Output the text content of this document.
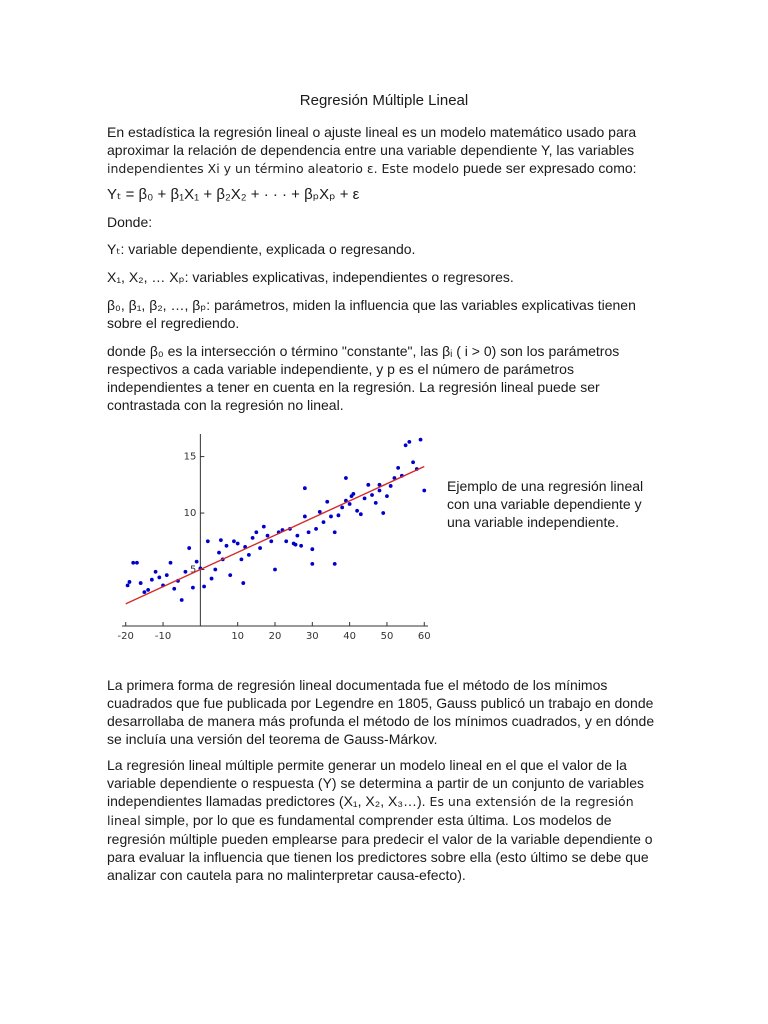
Regresión Múltiple Lineal

En estadística la regresión lineal o ajuste lineal es un modelo matemático usado para aproximar la relación de dependencia entre una variable dependiente Y, las variables
independientes Xi y un término aleatorio ε. Este modelo puede ser expresado como:

Yₜ = β₀ + β₁X₁ + β₂X₂ + · · · + βₚXₚ + ε

Donde:

Yₜ: variable dependiente, explicada o regresando.

X₁, X₂, … Xₚ: variables explicativas, independientes o regresores.

β₀, β₁, β₂, …, βₚ: parámetros, miden la influencia que las variables explicativas tienen sobre el regrediendo.

donde β₀ es la intersección o término "constante", las βᵢ ( i > 0) son los parámetros respectivos a cada variable independiente, y p es el número de parámetros independientes a tener en cuenta en la regresión. La regresión lineal puede ser contrastada con la regresión no lineal.

-20 -10	10 20 30 40 50 60
5
10
15

Ejemplo de una regresión lineal con una variable dependiente y una variable independiente.

La primera forma de regresión lineal documentada fue el método de los mínimos cuadrados que fue publicada por Legendre en 1805, Gauss publicó un trabajo en donde desarrollaba de manera más profunda el método de los mínimos cuadrados, y en dónde se incluía una versión del teorema de Gauss-Márkov.

La regresión lineal múltiple permite generar un modelo lineal en el que el valor de la variable dependiente o respuesta (Y) se determina a partir de un conjunto de variables independientes llamadas predictores (X₁, X₂, X₃…). Es una extensión de la regresión lineal simple, por lo que es fundamental comprender esta última. Los modelos de regresión múltiple pueden emplearse para predecir el valor de la variable dependiente o para evaluar la influencia que tienen los predictores sobre ella (esto último se debe que analizar con cautela para no malinterpretar causa-efecto).
